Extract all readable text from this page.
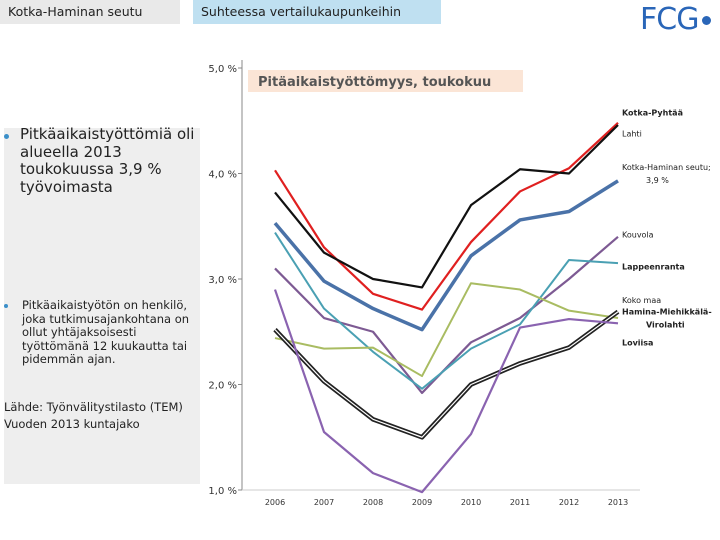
Kotka-Haminan seutu	Suhteessa vertailukaupunkeihin	FCG
Pitkäaikaistyöttömiä oli alueella 2013 toukokuussa 3,9 % työvoimasta
Pitkäaikaistyötön on henkilö, joka tutkimusajankohtana on ollut yhtäjaksoisesti työttömänä 12 kuukautta tai pidemmän ajan.
Lähde: Työnvälitystilasto (TEM)
Vuoden 2013 kuntajako
Pitäaikaistyöttömyys, toukokuu
5,0 %
4,0 %
3,0 %
2,0 %
1,0 %
2006	2007	2008	2009	2010	2011	2012	2013
Kotka-Pyhtää
Lahti
Kotka-Haminan seutu;
3,9 %
Kouvola
Lappeenranta
Koko maa
Hamina-Miehikkälä-
Virolahti
Loviisa
